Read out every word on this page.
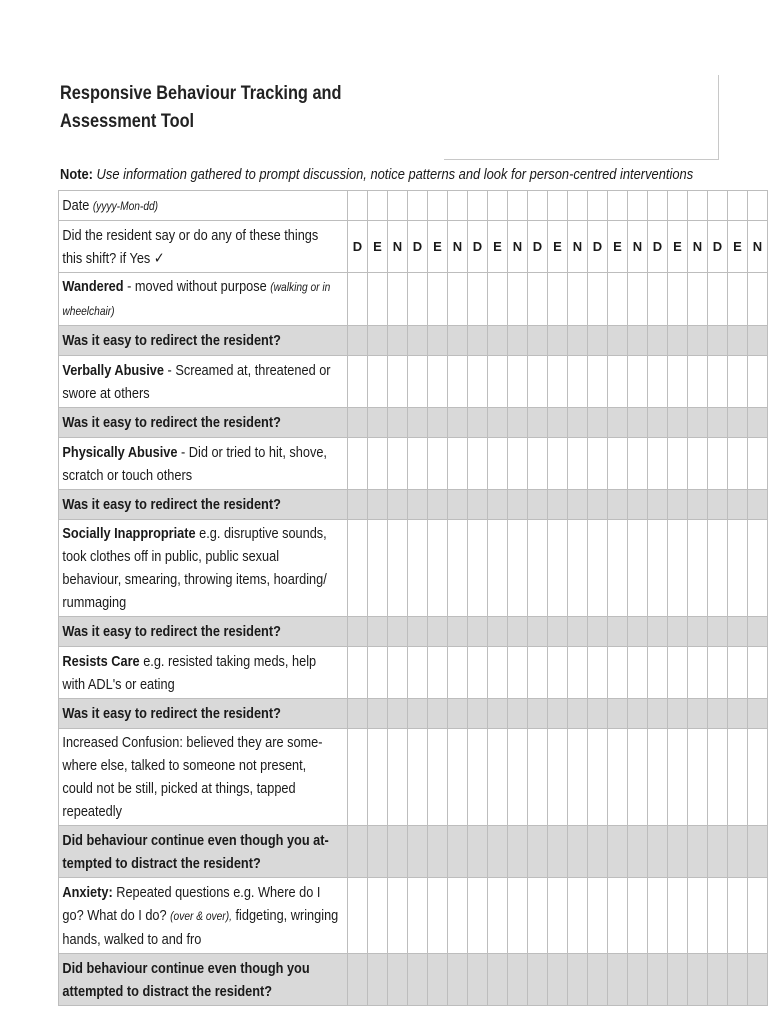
Responsive Behaviour Tracking and
Assessment Tool
Note: Use information gathered to prompt discussion, notice patterns and look for person-centred interventions
Date (yyyy-Mon-dd)																					

Did the resident say or do any of these things this shift? if Yes ✓	D	E	N	D	E	N	D	E	N	D	E	N	D	E	N	D	E	N	D	E	N

Wandered - moved without purpose (walking or in wheelchair)																					

Was it easy to redirect the resident?																					

Verbally Abusive - Screamed at, threatened or swore at others																					

Was it easy to redirect the resident?																					

Physically Abusive - Did or tried to hit, shove, scratch or touch others																					

Was it easy to redirect the resident?																					

Socially Inappropriate e.g. disruptive sounds, took clothes off in public, public sexual behaviour, smearing, throwing items, hoarding/ rummaging																					

Was it easy to redirect the resident?																					

Resists Care e.g. resisted taking meds, help with ADL's or eating																					

Was it easy to redirect the resident?																					

Increased Confusion: believed they are some-where else, talked to someone not present, could not be still, picked at things, tapped repeatedly																					

Did behaviour continue even though you at-tempted to distract the resident?																					

Anxiety: Repeated questions e.g. Where do I go? What do I do? (over & over), fidgeting, wringing hands, walked to and fro																					

Did behaviour continue even though you attempted to distract the resident?																					
